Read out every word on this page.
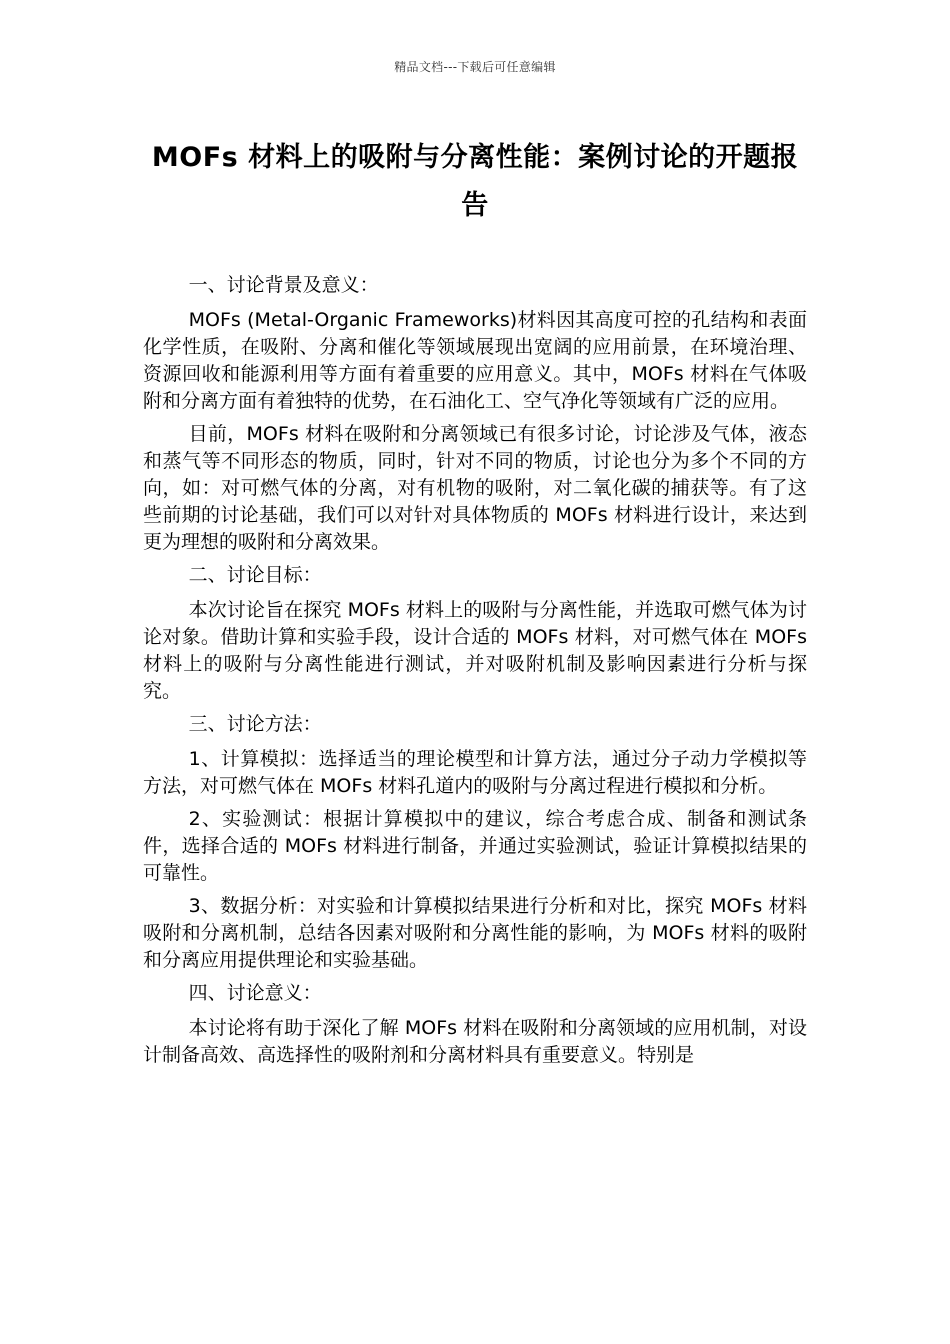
精品文档---下载后可任意编辑
MOFs 材料上的吸附与分离性能：案例讨论的开题报告

一、讨论背景及意义：

MOFs (Metal-Organic Frameworks)材料因其高度可控的孔结构和表面化学性质，在吸附、分离和催化等领域展现出宽阔的应用前景，在环境治理、资源回收和能源利用等方面有着重要的应用意义。其中，MOFs 材料在气体吸附和分离方面有着独特的优势，在石油化工、空气净化等领域有广泛的应用。

目前，MOFs 材料在吸附和分离领域已有很多讨论，讨论涉及气体，液态和蒸气等不同形态的物质，同时，针对不同的物质，讨论也分为多个不同的方向，如：对可燃气体的分离，对有机物的吸附，对二氧化碳的捕获等。有了这些前期的讨论基础，我们可以对针对具体物质的 MOFs 材料进行设计，来达到更为理想的吸附和分离效果。

二、讨论目标：

本次讨论旨在探究 MOFs 材料上的吸附与分离性能，并选取可燃气体为讨论对象。借助计算和实验手段，设计合适的 MOFs 材料，对可燃气体在 MOFs 材料上的吸附与分离性能进行测试，并对吸附机制及影响因素进行分析与探究。

三、讨论方法：

1、计算模拟：选择适当的理论模型和计算方法，通过分子动力学模拟等方法，对可燃气体在 MOFs 材料孔道内的吸附与分离过程进行模拟和分析。

2、实验测试：根据计算模拟中的建议，综合考虑合成、制备和测试条件，选择合适的 MOFs 材料进行制备，并通过实验测试，验证计算模拟结果的可靠性。

3、数据分析：对实验和计算模拟结果进行分析和对比，探究 MOFs 材料吸附和分离机制，总结各因素对吸附和分离性能的影响，为 MOFs 材料的吸附和分离应用提供理论和实验基础。

四、讨论意义：

本讨论将有助于深化了解 MOFs 材料在吸附和分离领域的应用机制，对设计制备高效、高选择性的吸附剂和分离材料具有重要意义。特别是
